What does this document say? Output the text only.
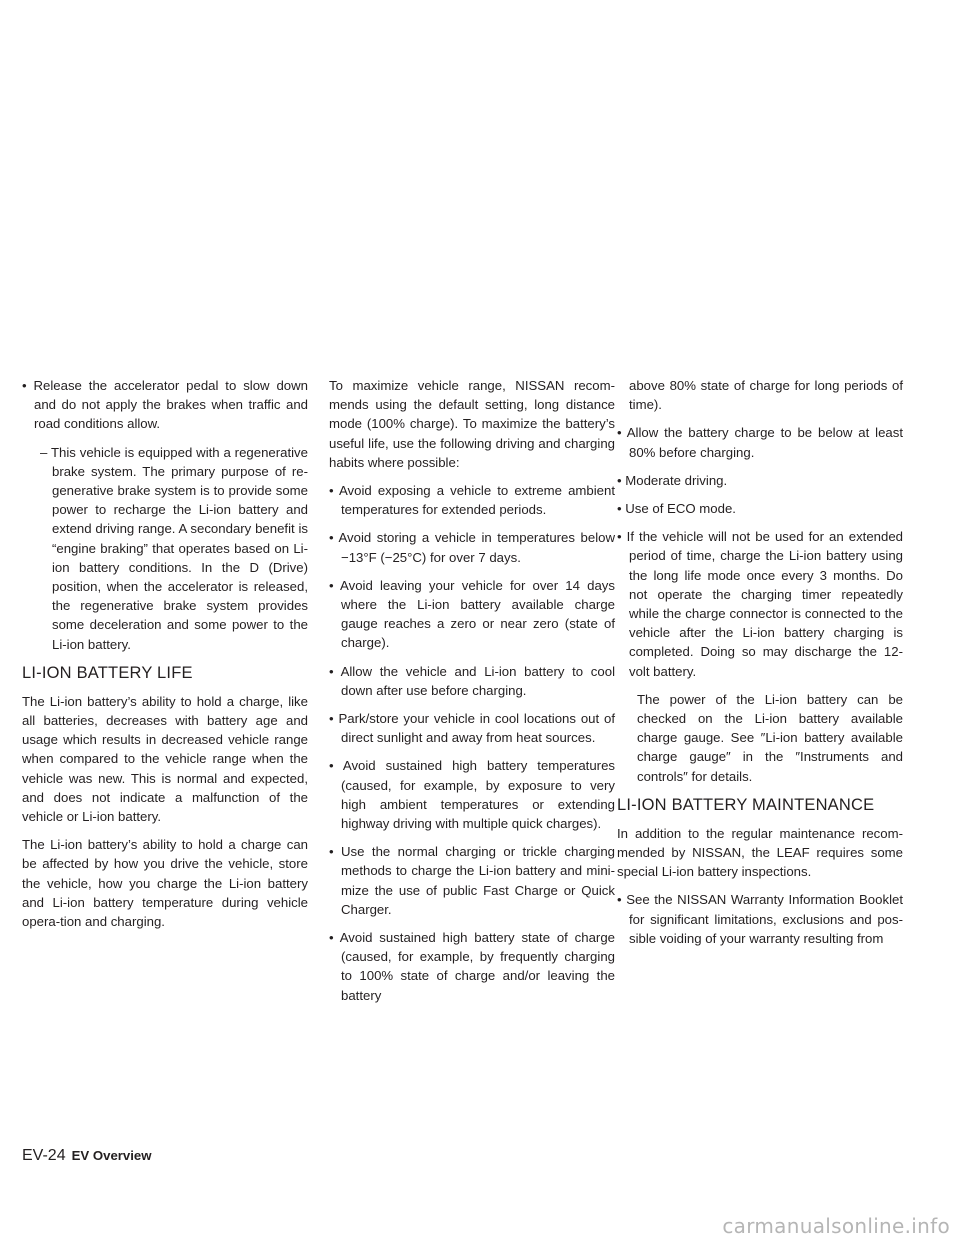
• Release the accelerator pedal to slow down and do not apply the brakes when traffic and road conditions allow.
– This vehicle is equipped with a regenerative brake system. The primary purpose of re-generative brake system is to provide some power to recharge the Li-ion battery and extend driving range. A secondary benefit is “engine braking” that operates based on Li-ion battery conditions. In the D (Drive) position, when the accelerator is released, the regenerative brake system provides some deceleration and some power to the Li-ion battery.
LI-ION BATTERY LIFE
The Li-ion battery’s ability to hold a charge, like all batteries, decreases with battery age and usage which results in decreased vehicle range when compared to the vehicle range when the vehicle was new. This is normal and expected, and does not indicate a malfunction of the vehicle or Li-ion battery.
The Li-ion battery’s ability to hold a charge can be affected by how you drive the vehicle, store the vehicle, how you charge the Li-ion battery and Li-ion battery temperature during vehicle opera-tion and charging.
To maximize vehicle range, NISSAN recom-mends using the default setting, long distance mode (100% charge). To maximize the battery’s useful life, use the following driving and charging habits where possible:
• Avoid exposing a vehicle to extreme ambient temperatures for extended periods.
• Avoid storing a vehicle in temperatures below −13°F (−25°C) for over 7 days.
• Avoid leaving your vehicle for over 14 days where the Li-ion battery available charge gauge reaches a zero or near zero (state of charge).
• Allow the vehicle and Li-ion battery to cool down after use before charging.
• Park/store your vehicle in cool locations out of direct sunlight and away from heat sources.
• Avoid sustained high battery temperatures (caused, for example, by exposure to very high ambient temperatures or extending highway driving with multiple quick charges).
• Use the normal charging or trickle charging methods to charge the Li-ion battery and mini-mize the use of public Fast Charge or Quick Charger.
• Avoid sustained high battery state of charge (caused, for example, by frequently charging to 100% state of charge and/or leaving the battery
above 80% state of charge for long periods of time).
• Allow the battery charge to be below at least 80% before charging.
• Moderate driving.
• Use of ECO mode.
• If the vehicle will not be used for an extended period of time, charge the Li-ion battery using the long life mode once every 3 months. Do not operate the charging timer repeatedly while the charge connector is connected to the vehicle after the Li-ion battery charging is completed. Doing so may discharge the 12-volt battery.
The power of the Li-ion battery can be checked on the Li-ion battery available charge gauge. See ″Li-ion battery available charge gauge″ in the ″Instruments and controls″ for details.
LI-ION BATTERY MAINTENANCE
In addition to the regular maintenance recom-mended by NISSAN, the LEAF requires some special Li-ion battery inspections.
• See the NISSAN Warranty Information Booklet for significant limitations, exclusions and pos-sible voiding of your warranty resulting from
EV-24 EV Overview
carmanualsonline.info
